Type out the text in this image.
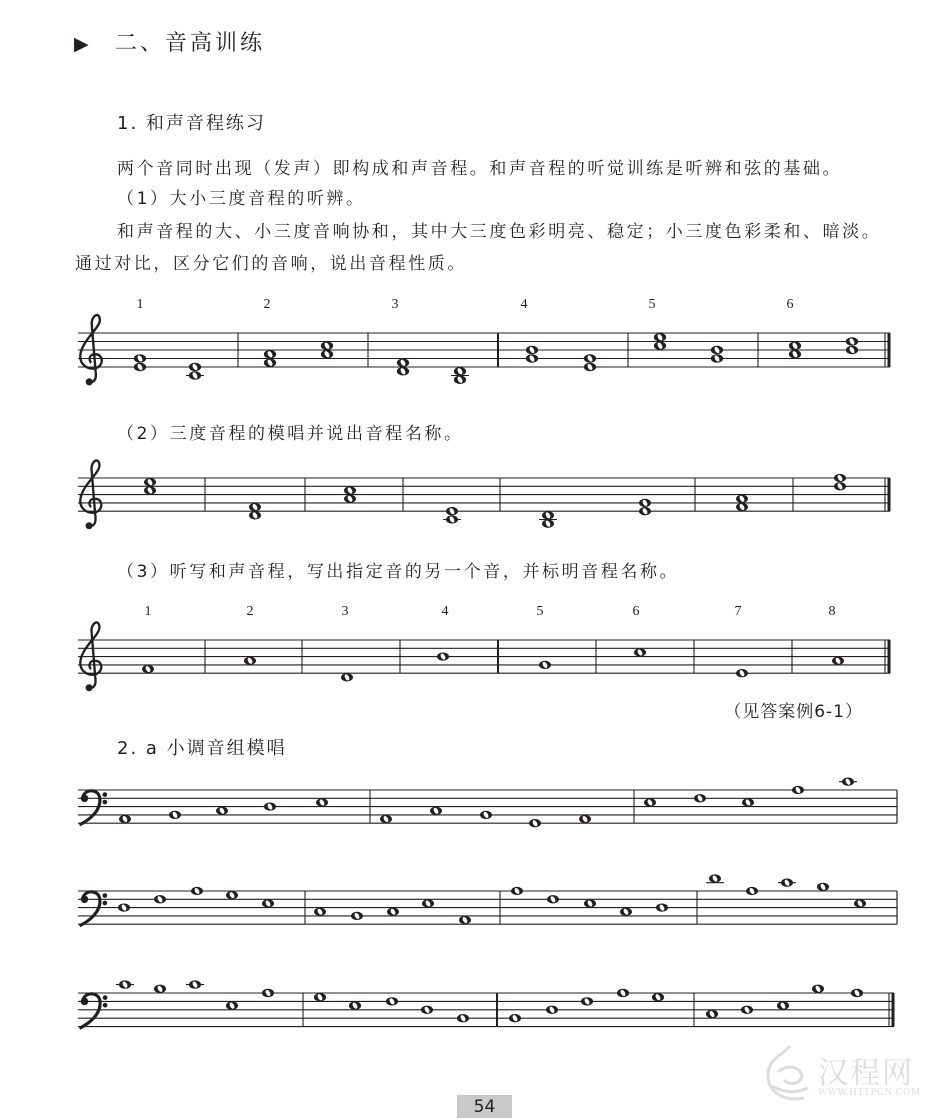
▶ 二、音高训练
1. 和声音程练习
两个音同时出现（发声）即构成和声音程。和声音程的听觉训练是听辨和弦的基础。
（1）大小三度音程的听辨。
和声音程的大、小三度音响协和，其中大三度色彩明亮、稳定；小三度色彩柔和、暗淡。
通过对比，区分它们的音响，说出音程性质。
（2）三度音程的模唱并说出音程名称。
（3）听写和声音程，写出指定音的另一个音，并标明音程名称。
（见答案例6-1）
2. a 小调音组模唱
1	2	3	4	5	6
1	2	3	4	5	6	7	8
54
汉程网
WWW.HTTPCN.COM
